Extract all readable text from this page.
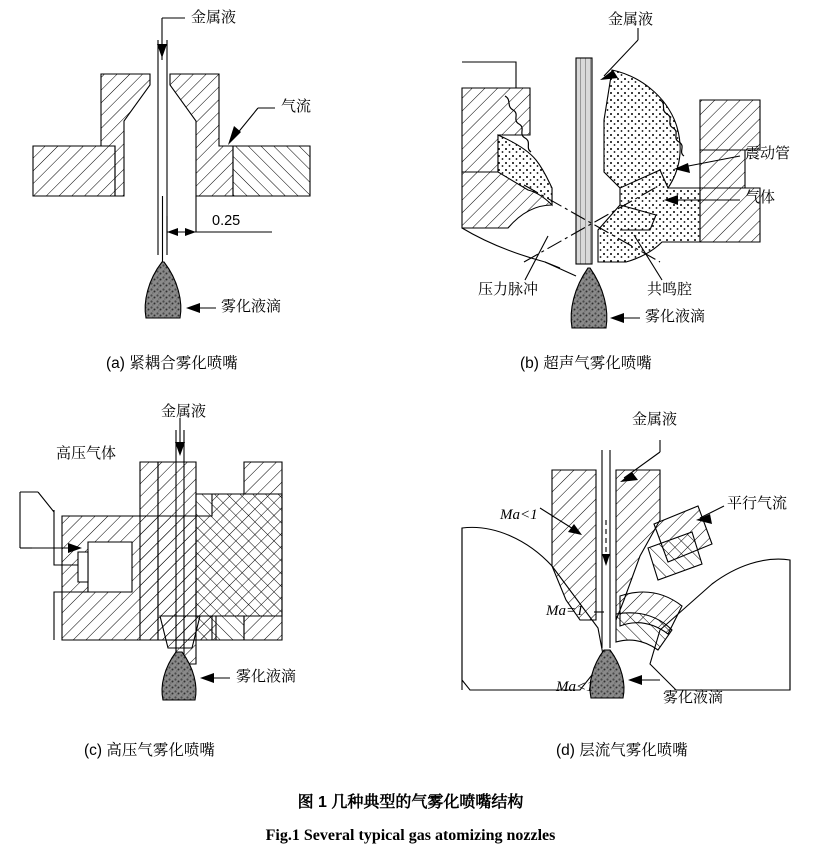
金属液
气流
0.25
雾化液滴
(a) 紧耦合雾化喷嘴
金属液
震动管
气体
压力脉冲	共鸣腔
雾化液滴
(b) 超声气雾化喷嘴
金属液
高压气体
雾化液滴
(c) 高压气雾化喷嘴
金属液
Ma<1
Ma=1
Ma<1
平行气流
雾化液滴
(d) 层流气雾化喷嘴
图 1 几种典型的气雾化喷嘴结构
Fig.1 Several typical gas atomizing nozzles
